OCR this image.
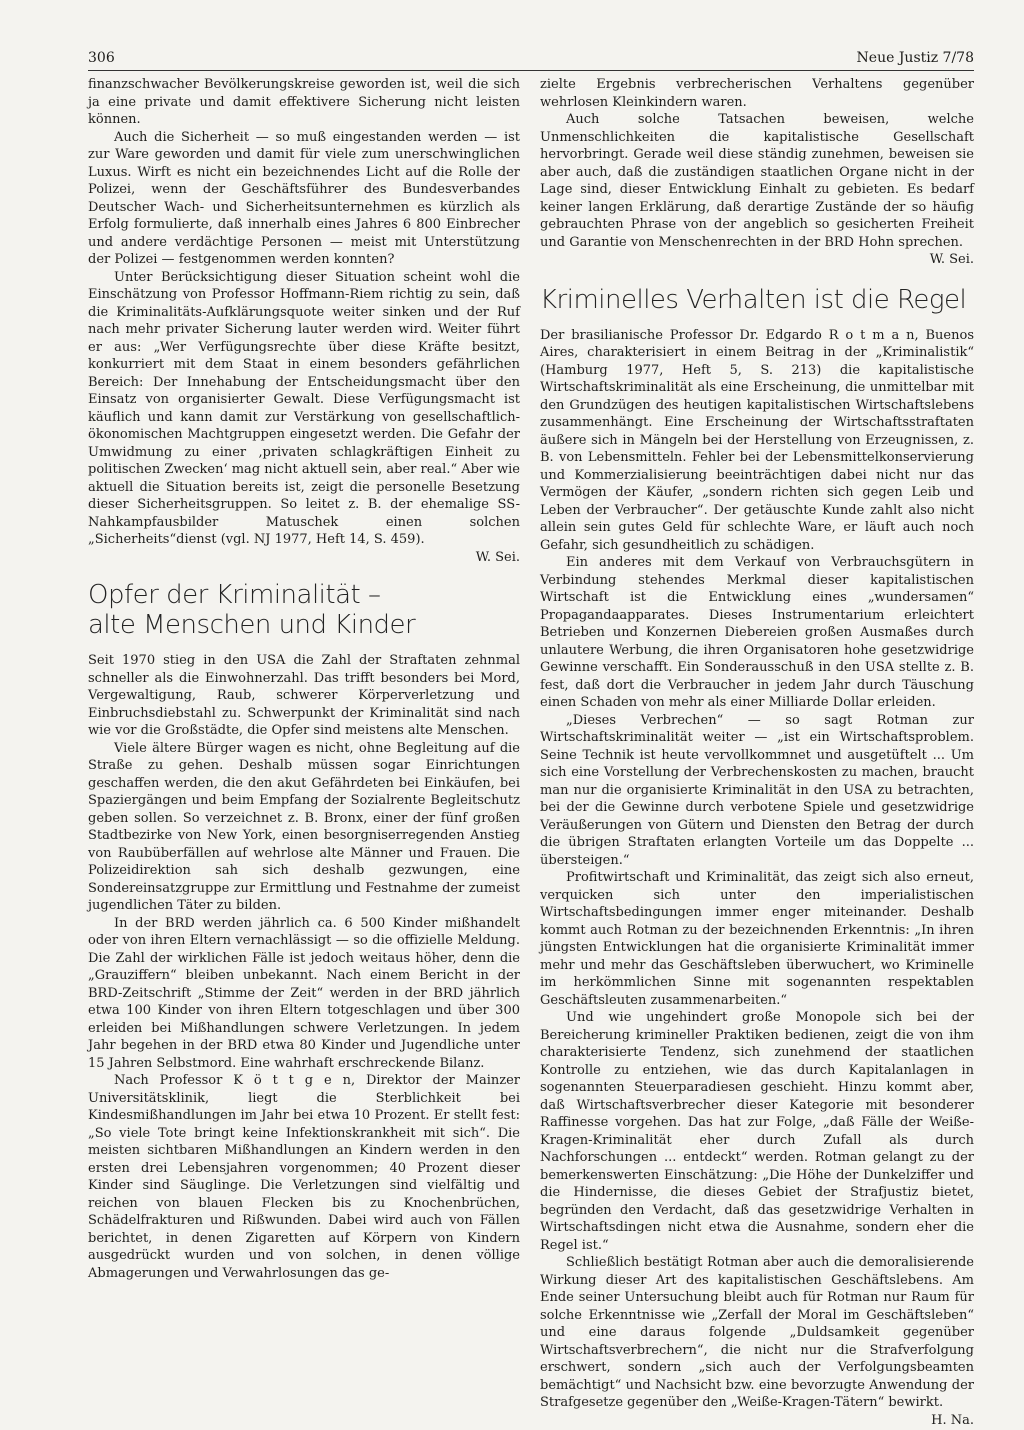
306	Neue Justiz 7/78

finanzschwacher Bevölkerungskreise geworden ist, weil die sich ja eine private und damit effektivere Sicherung nicht leisten können.

Auch die Sicherheit — so muß eingestanden werden — ist zur Ware geworden und damit für viele zum unerschwinglichen Luxus. Wirft es nicht ein bezeichnendes Licht auf die Rolle der Polizei, wenn der Geschäftsführer des Bundesverbandes Deutscher Wach- und Sicherheitsunternehmen es kürzlich als Erfolg formulierte, daß innerhalb eines Jahres 6 800 Einbrecher und andere verdächtige Personen — meist mit Unterstützung der Polizei — festgenommen werden konnten?

Unter Berücksichtigung dieser Situation scheint wohl die Einschätzung von Professor Hoffmann-Riem richtig zu sein, daß die Kriminalitäts-Aufklärungsquote weiter sinken und der Ruf nach mehr privater Sicherung lauter werden wird. Weiter führt er aus: „Wer Verfügungsrechte über diese Kräfte besitzt, konkurriert mit dem Staat in einem besonders gefährlichen Bereich: Der Innehabung der Entscheidungsmacht über den Einsatz von organisierter Gewalt. Diese Verfügungsmacht ist käuflich und kann damit zur Verstärkung von gesellschaftlich-ökonomischen Machtgruppen eingesetzt werden. Die Gefahr der Umwidmung zu einer ‚privaten schlagkräftigen Einheit zu politischen Zwecken‘ mag nicht aktuell sein, aber real.“ Aber wie aktuell die Situation bereits ist, zeigt die personelle Besetzung dieser Sicherheitsgruppen. So leitet z. B. der ehemalige SS-Nahkampfausbilder Matuschek einen solchen „Sicherheits“dienst (vgl. NJ 1977, Heft 14, S. 459).

W. Sei.

Opfer der Kriminalität –
alte Menschen und Kinder

Seit 1970 stieg in den USA die Zahl der Straftaten zehnmal schneller als die Einwohnerzahl. Das trifft besonders bei Mord, Vergewaltigung, Raub, schwerer Körperverletzung und Einbruchsdiebstahl zu. Schwerpunkt der Kriminalität sind nach wie vor die Großstädte, die Opfer sind meistens alte Menschen.

Viele ältere Bürger wagen es nicht, ohne Begleitung auf die Straße zu gehen. Deshalb müssen sogar Einrichtungen geschaffen werden, die den akut Gefährdeten bei Einkäufen, bei Spaziergängen und beim Empfang der Sozialrente Begleitschutz geben sollen. So verzeichnet z. B. Bronx, einer der fünf großen Stadtbezirke von New York, einen besorgniserregenden Anstieg von Raubüberfällen auf wehrlose alte Männer und Frauen. Die Polizeidirektion sah sich deshalb gezwungen, eine Sondereinsatzgruppe zur Ermittlung und Festnahme der zumeist jugendlichen Täter zu bilden.

In der BRD werden jährlich ca. 6 500 Kinder mißhandelt oder von ihren Eltern vernachlässigt — so die offizielle Meldung. Die Zahl der wirklichen Fälle ist jedoch weitaus höher, denn die „Grauziffern“ bleiben unbekannt. Nach einem Bericht in der BRD-Zeitschrift „Stimme der Zeit“ werden in der BRD jährlich etwa 100 Kinder von ihren Eltern totgeschlagen und über 300 erleiden bei Mißhandlungen schwere Verletzungen. In jedem Jahr begehen in der BRD etwa 80 Kinder und Jugendliche unter 15 Jahren Selbstmord. Eine wahrhaft erschreckende Bilanz.

Nach Professor K ö t t g e n, Direktor der Mainzer Universitätsklinik, liegt die Sterblichkeit bei Kindesmißhandlungen im Jahr bei etwa 10 Prozent. Er stellt fest: „So viele Tote bringt keine Infektionskrankheit mit sich“. Die meisten sichtbaren Mißhandlungen an Kindern werden in den ersten drei Lebensjahren vorgenommen; 40 Prozent dieser Kinder sind Säuglinge. Die Verletzungen sind vielfältig und reichen von blauen Flecken bis zu Knochenbrüchen, Schädelfrakturen und Rißwunden. Dabei wird auch von Fällen berichtet, in denen Zigaretten auf Körpern von Kindern ausgedrückt wurden und von solchen, in denen völlige Abmagerungen und Verwahrlosungen das ge-

zielte Ergebnis verbrecherischen Verhaltens gegenüber wehrlosen Kleinkindern waren.

Auch solche Tatsachen beweisen, welche Unmenschlichkeiten die kapitalistische Gesellschaft hervorbringt. Gerade weil diese ständig zunehmen, beweisen sie aber auch, daß die zuständigen staatlichen Organe nicht in der Lage sind, dieser Entwicklung Einhalt zu gebieten. Es bedarf keiner langen Erklärung, daß derartige Zustände der so häufig gebrauchten Phrase von der angeblich so gesicherten Freiheit und Garantie von Menschenrechten in der BRD Hohn sprechen.

W. Sei.

Kriminelles Verhalten ist die Regel

Der brasilianische Professor Dr. Edgardo R o t m a n, Buenos Aires, charakterisiert in einem Beitrag in der „Kriminalistik“ (Hamburg 1977, Heft 5, S. 213) die kapitalistische Wirtschaftskriminalität als eine Erscheinung, die unmittelbar mit den Grundzügen des heutigen kapitalistischen Wirtschaftslebens zusammenhängt. Eine Erscheinung der Wirtschaftsstraftaten äußere sich in Mängeln bei der Herstellung von Erzeugnissen, z. B. von Lebensmitteln. Fehler bei der Lebensmittelkonservierung und Kommerzialisierung beeinträchtigen dabei nicht nur das Vermögen der Käufer, „sondern richten sich gegen Leib und Leben der Verbraucher“. Der getäuschte Kunde zahlt also nicht allein sein gutes Geld für schlechte Ware, er läuft auch noch Gefahr, sich gesundheitlich zu schädigen.

Ein anderes mit dem Verkauf von Verbrauchsgütern in Verbindung stehendes Merkmal dieser kapitalistischen Wirtschaft ist die Entwicklung eines „wundersamen“ Propagandaapparates. Dieses Instrumentarium erleichtert Betrieben und Konzernen Diebereien großen Ausmaßes durch unlautere Werbung, die ihren Organisatoren hohe gesetzwidrige Gewinne verschafft. Ein Sonderausschuß in den USA stellte z. B. fest, daß dort die Verbraucher in jedem Jahr durch Täuschung einen Schaden von mehr als einer Milliarde Dollar erleiden.

„Dieses Verbrechen“ — so sagt Rotman zur Wirtschaftskriminalität weiter — „ist ein Wirtschaftsproblem. Seine Technik ist heute vervollkommnet und ausgetüftelt ... Um sich eine Vorstellung der Verbrechenskosten zu machen, braucht man nur die organisierte Kriminalität in den USA zu betrachten, bei der die Gewinne durch verbotene Spiele und gesetzwidrige Veräußerungen von Gütern und Diensten den Betrag der durch die übrigen Straftaten erlangten Vorteile um das Doppelte ... übersteigen.“

Profitwirtschaft und Kriminalität, das zeigt sich also erneut, verquicken sich unter den imperialistischen Wirtschaftsbedingungen immer enger miteinander. Deshalb kommt auch Rotman zu der bezeichnenden Erkenntnis: „In ihren jüngsten Entwicklungen hat die organisierte Kriminalität immer mehr und mehr das Geschäftsleben überwuchert, wo Kriminelle im herkömmlichen Sinne mit sogenannten respektablen Geschäftsleuten zusammenarbeiten.“

Und wie ungehindert große Monopole sich bei der Bereicherung krimineller Praktiken bedienen, zeigt die von ihm charakterisierte Tendenz, sich zunehmend der staatlichen Kontrolle zu entziehen, wie das durch Kapitalanlagen in sogenannten Steuerparadiesen geschieht. Hinzu kommt aber, daß Wirtschaftsverbrecher dieser Kategorie mit besonderer Raffinesse vorgehen. Das hat zur Folge, „daß Fälle der Weiße-Kragen-Kriminalität eher durch Zufall als durch Nachforschungen ... entdeckt“ werden. Rotman gelangt zu der bemerkenswerten Einschätzung: „Die Höhe der Dunkelziffer und die Hindernisse, die dieses Gebiet der Strafjustiz bietet, begründen den Verdacht, daß das gesetzwidrige Verhalten in Wirtschaftsdingen nicht etwa die Ausnahme, sondern eher die Regel ist.“

Schließlich bestätigt Rotman aber auch die demoralisierende Wirkung dieser Art des kapitalistischen Geschäftslebens. Am Ende seiner Untersuchung bleibt auch für Rotman nur Raum für solche Erkenntnisse wie „Zerfall der Moral im Geschäftsleben“ und eine daraus folgende „Duldsamkeit gegenüber Wirtschaftsverbrechern“, die nicht nur die Strafverfolgung erschwert, sondern „sich auch der Verfolgungsbeamten bemächtigt“ und Nachsicht bzw. eine bevorzugte Anwendung der Strafgesetze gegenüber den „Weiße-Kragen-Tätern“ bewirkt.

H. Na.
